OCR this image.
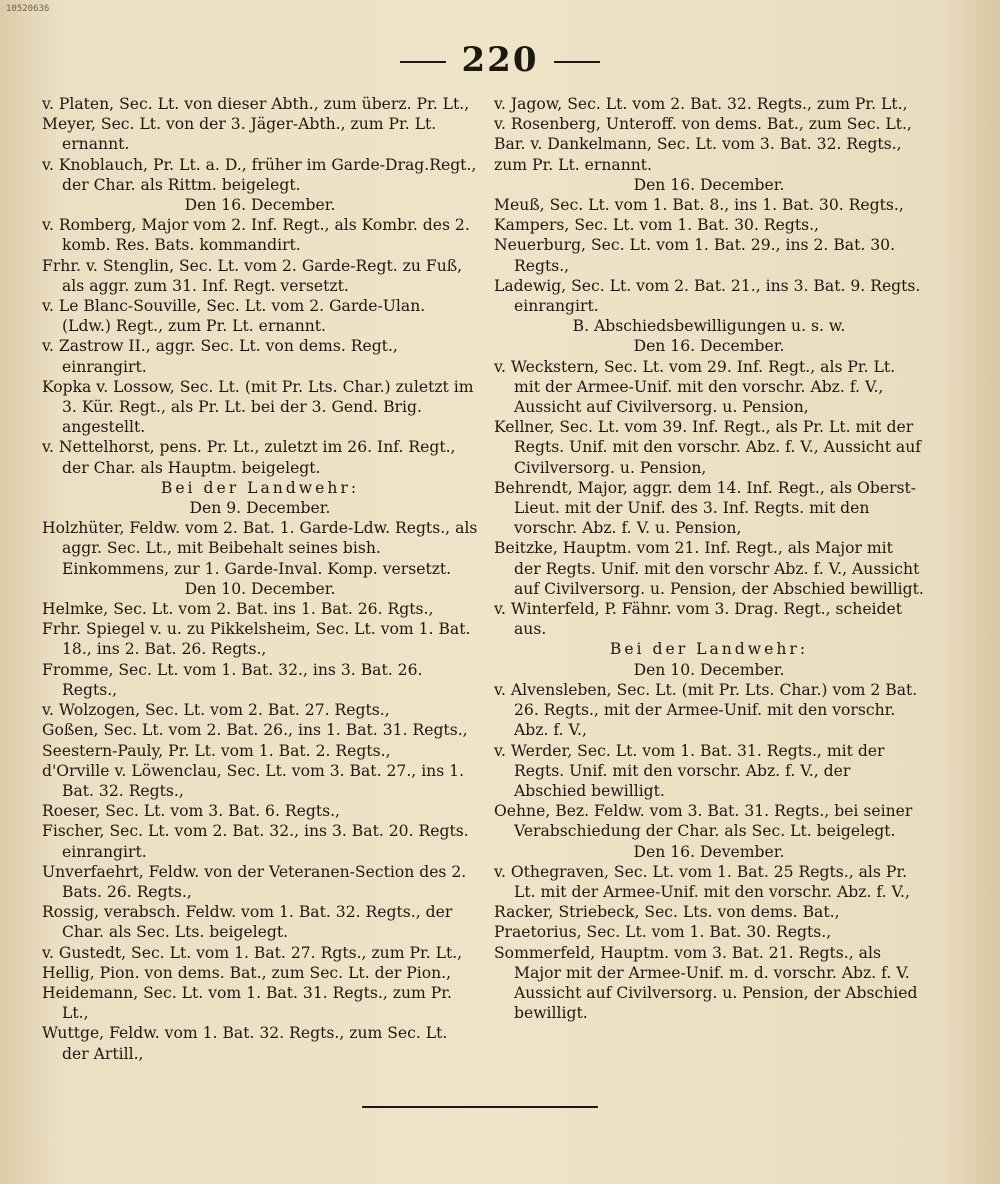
10520636
220

v. Platen, Sec. Lt. von dieser Abth., zum überz. Pr. Lt.,

Meyer, Sec. Lt. von der 3. Jäger-Abth., zum Pr. Lt. ernannt.

v. Knoblauch, Pr. Lt. a. D., früher im Garde-Drag.Regt., der Char. als Rittm. beigelegt.

Den 16. December.

v. Romberg, Major vom 2. Inf. Regt., als Kombr. des 2. komb. Res. Bats. kommandirt.

Frhr. v. Stenglin, Sec. Lt. vom 2. Garde-Regt. zu Fuß, als aggr. zum 31. Inf. Regt. versetzt.

v. Le Blanc-Souville, Sec. Lt. vom 2. Garde-Ulan. (Ldw.) Regt., zum Pr. Lt. ernannt.

v. Zastrow II., aggr. Sec. Lt. von dems. Regt., einrangirt.

Kopka v. Lossow, Sec. Lt. (mit Pr. Lts. Char.) zuletzt im 3. Kür. Regt., als Pr. Lt. bei der 3. Gend. Brig. angestellt.

v. Nettelhorst, pens. Pr. Lt., zuletzt im 26. Inf. Regt., der Char. als Hauptm. beigelegt.

Bei der Landwehr:

Den 9. December.

Holzhüter, Feldw. vom 2. Bat. 1. Garde-Ldw. Regts., als aggr. Sec. Lt., mit Beibehalt seines bish. Einkommens, zur 1. Garde-Inval. Komp. versetzt.

Den 10. December.

Helmke, Sec. Lt. vom 2. Bat. ins 1. Bat. 26. Rgts.,

Frhr. Spiegel v. u. zu Pikkelsheim, Sec. Lt. vom 1. Bat. 18., ins 2. Bat. 26. Regts.,

Fromme, Sec. Lt. vom 1. Bat. 32., ins 3. Bat. 26. Regts.,

v. Wolzogen, Sec. Lt. vom 2. Bat. 27. Regts.,

Goßen, Sec. Lt. vom 2. Bat. 26., ins 1. Bat. 31. Regts.,

Seestern-Pauly, Pr. Lt. vom 1. Bat. 2. Regts.,

d'Orville v. Löwenclau, Sec. Lt. vom 3. Bat. 27., ins 1. Bat. 32. Regts.,

Roeser, Sec. Lt. vom 3. Bat. 6. Regts.,

Fischer, Sec. Lt. vom 2. Bat. 32., ins 3. Bat. 20. Regts. einrangirt.

Unverfaehrt, Feldw. von der Veteranen-Section des 2. Bats. 26. Regts.,

Rossig, verabsch. Feldw. vom 1. Bat. 32. Regts., der Char. als Sec. Lts. beigelegt.

v. Gustedt, Sec. Lt. vom 1. Bat. 27. Rgts., zum Pr. Lt.,

Hellig, Pion. von dems. Bat., zum Sec. Lt. der Pion.,

Heidemann, Sec. Lt. vom 1. Bat. 31. Regts., zum Pr. Lt.,

Wuttge, Feldw. vom 1. Bat. 32. Regts., zum Sec. Lt. der Artill.,

v. Jagow, Sec. Lt. vom 2. Bat. 32. Regts., zum Pr. Lt.,

v. Rosenberg, Unteroff. von dems. Bat., zum Sec. Lt.,

Bar. v. Dankelmann, Sec. Lt. vom 3. Bat. 32. Regts., zum Pr. Lt. ernannt.

Den 16. December.

Meuß, Sec. Lt. vom 1. Bat. 8., ins 1. Bat. 30. Regts.,

Kampers, Sec. Lt. vom 1. Bat. 30. Regts.,

Neuerburg, Sec. Lt. vom 1. Bat. 29., ins 2. Bat. 30. Regts.,

Ladewig, Sec. Lt. vom 2. Bat. 21., ins 3. Bat. 9. Regts. einrangirt.

B. Abschiedsbewilligungen u. s. w.

Den 16. December.

v. Weckstern, Sec. Lt. vom 29. Inf. Regt., als Pr. Lt. mit der Armee-Unif. mit den vorschr. Abz. f. V., Aussicht auf Civilversorg. u. Pension,

Kellner, Sec. Lt. vom 39. Inf. Regt., als Pr. Lt. mit der Regts. Unif. mit den vorschr. Abz. f. V., Aussicht auf Civilversorg. u. Pension,

Behrendt, Major, aggr. dem 14. Inf. Regt., als Oberst-Lieut. mit der Unif. des 3. Inf. Regts. mit den vorschr. Abz. f. V. u. Pension,

Beitzke, Hauptm. vom 21. Inf. Regt., als Major mit der Regts. Unif. mit den vorschr Abz. f. V., Aussicht auf Civilversorg. u. Pension, der Abschied bewilligt.

v. Winterfeld, P. Fähnr. vom 3. Drag. Regt., scheidet aus.

Bei der Landwehr:

Den 10. December.

v. Alvensleben, Sec. Lt. (mit Pr. Lts. Char.) vom 2 Bat. 26. Regts., mit der Armee-Unif. mit den vorschr. Abz. f. V.,

v. Werder, Sec. Lt. vom 1. Bat. 31. Regts., mit der Regts. Unif. mit den vorschr. Abz. f. V., der Abschied bewilligt.

Oehne, Bez. Feldw. vom 3. Bat. 31. Regts., bei seiner Verabschiedung der Char. als Sec. Lt. beigelegt.

Den 16. Devember.

v. Othegraven, Sec. Lt. vom 1. Bat. 25 Regts., als Pr. Lt. mit der Armee-Unif. mit den vorschr. Abz. f. V.,

Racker, Striebeck, Sec. Lts. von dems. Bat.,

Praetorius, Sec. Lt. vom 1. Bat. 30. Regts.,

Sommerfeld, Hauptm. vom 3. Bat. 21. Regts., als Major mit der Armee-Unif. m. d. vorschr. Abz. f. V. Aussicht auf Civilversorg. u. Pension, der Abschied bewilligt.
